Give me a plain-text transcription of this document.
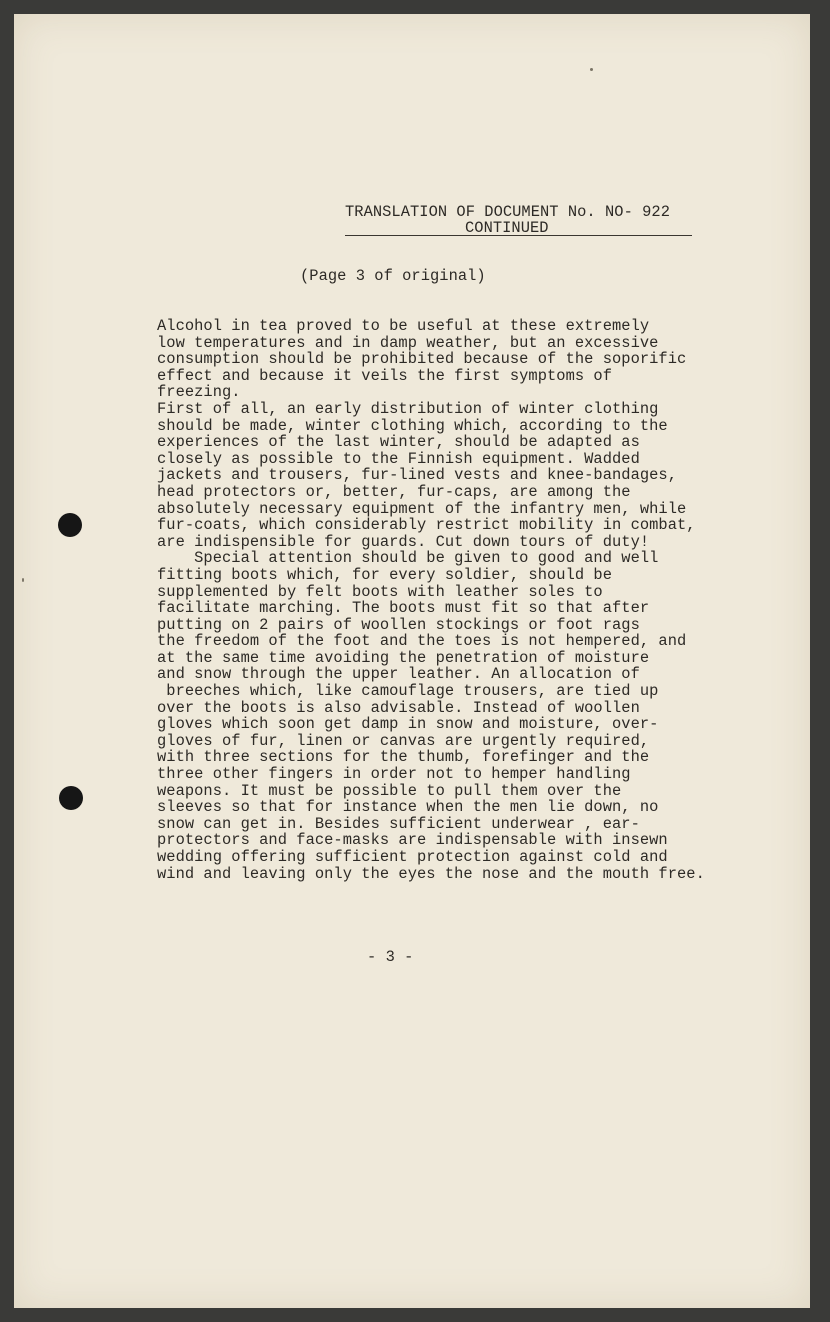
TRANSLATION OF DOCUMENT No. NO- 922
CONTINUED
(Page 3 of original)
Alcohol in tea proved to be useful at these extremely
low temperatures and in damp weather, but an excessive
consumption should be prohibited because of the soporific
effect and because it veils the first symptoms of
freezing.
First of all, an early distribution of winter clothing
should be made, winter clothing which, according to the
experiences of the last winter, should be adapted as
closely as possible to the Finnish equipment. Wadded
jackets and trousers, fur-lined vests and knee-bandages,
head protectors or, better, fur-caps, are among the
absolutely necessary equipment of the infantry men, while
fur-coats, which considerably restrict mobility in combat,
are indispensible for guards. Cut down tours of duty!
Special attention should be given to good and well
fitting boots which, for every soldier, should be
supplemented by felt boots with leather soles to
facilitate marching. The boots must fit so that after
putting on 2 pairs of woollen stockings or foot rags
the freedom of the foot and the toes is not hempered, and
at the same time avoiding the penetration of moisture
and snow through the upper leather. An allocation of
breeches which, like camouflage trousers, are tied up
over the boots is also advisable. Instead of woollen
gloves which soon get damp in snow and moisture, over-
gloves of fur, linen or canvas are urgently required,
with three sections for the thumb, forefinger and the
three other fingers in order not to hemper handling
weapons. It must be possible to pull them over the
sleeves so that for instance when the men lie down, no
snow can get in. Besides sufficient underwear , ear-
protectors and face-masks are indispensable with insewn
wedding offering sufficient protection against cold and
wind and leaving only the eyes the nose and the mouth free.
- 3 -
